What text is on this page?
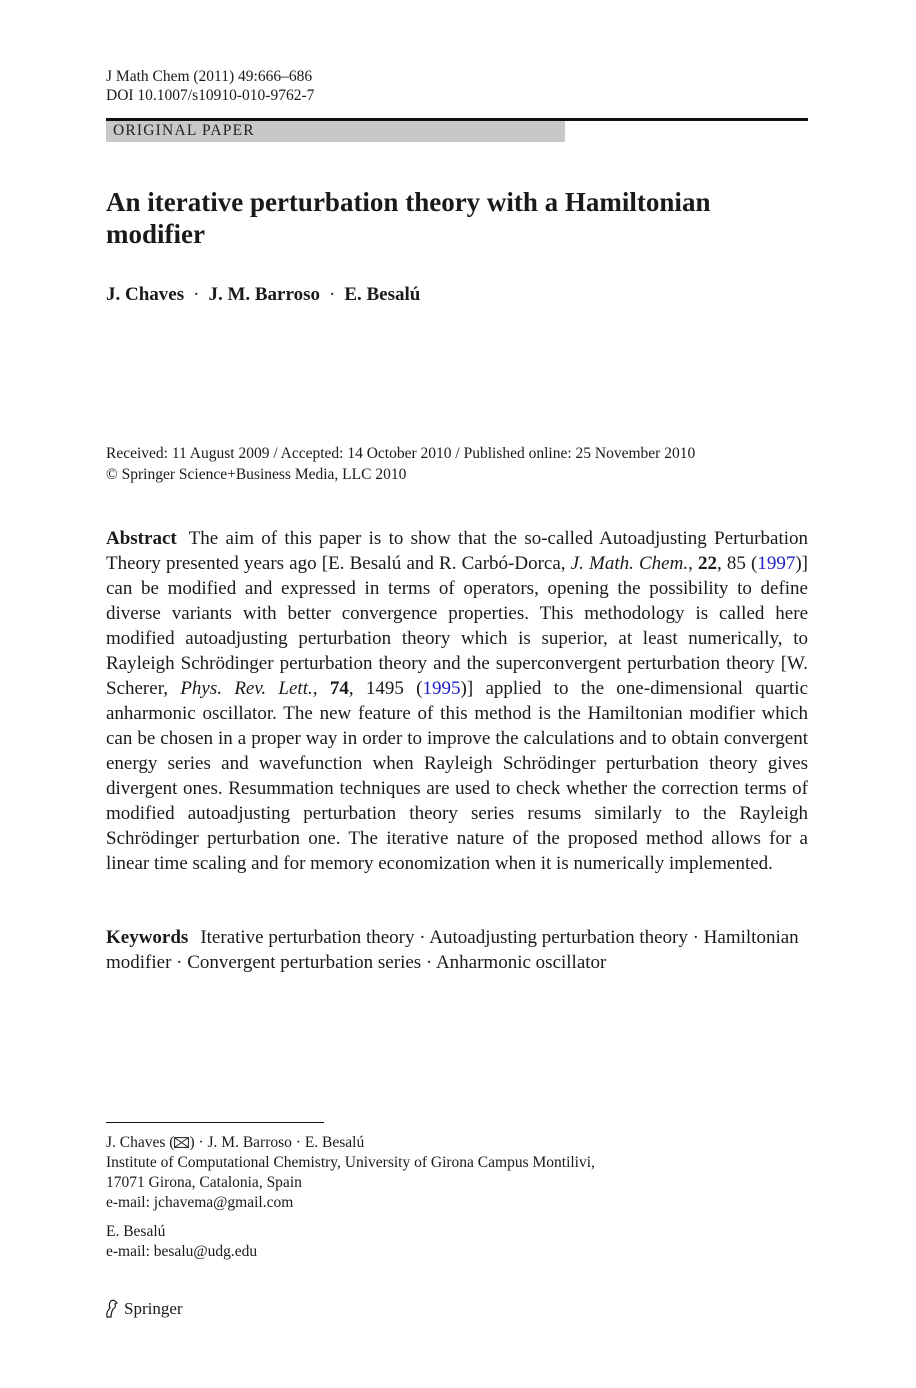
J Math Chem (2011) 49:666–686
DOI 10.1007/s10910-010-9762-7
ORIGINAL PAPER
An iterative perturbation theory with a Hamiltonian modifier
J. Chaves · J. M. Barroso · E. Besalú
Received: 11 August 2009 / Accepted: 14 October 2010 / Published online: 25 November 2010
© Springer Science+Business Media, LLC 2010
Abstract The aim of this paper is to show that the so-called Autoadjusting Perturbation Theory presented years ago [E. Besalú and R. Carbó-Dorca, J. Math. Chem., 22, 85 (1997)] can be modified and expressed in terms of operators, opening the possibility to define diverse variants with better convergence properties. This methodology is called here modified autoadjusting perturbation theory which is superior, at least numerically, to Rayleigh Schrödinger perturbation theory and the superconvergent perturbation theory [W. Scherer, Phys. Rev. Lett., 74, 1495 (1995)] applied to the one-dimensional quartic anharmonic oscillator. The new feature of this method is the Hamiltonian modifier which can be chosen in a proper way in order to improve the calculations and to obtain convergent energy series and wavefunction when Rayleigh Schrödinger perturbation theory gives divergent ones. Resummation techniques are used to check whether the correction terms of modified autoadjusting perturbation theory series resums similarly to the Rayleigh Schrödinger perturbation one. The iterative nature of the proposed method allows for a linear time scaling and for memory economization when it is numerically implemented.
Keywords Iterative perturbation theory · Autoadjusting perturbation theory · Hamiltonian modifier · Convergent perturbation series · Anharmonic oscillator
J. Chaves ( ) · J. M. Barroso · E. Besalú
Institute of Computational Chemistry, University of Girona Campus Montilivi,
17071 Girona, Catalonia, Spain
e-mail: jchavema@gmail.com
E. Besalú
e-mail: besalu@udg.edu
Springer
